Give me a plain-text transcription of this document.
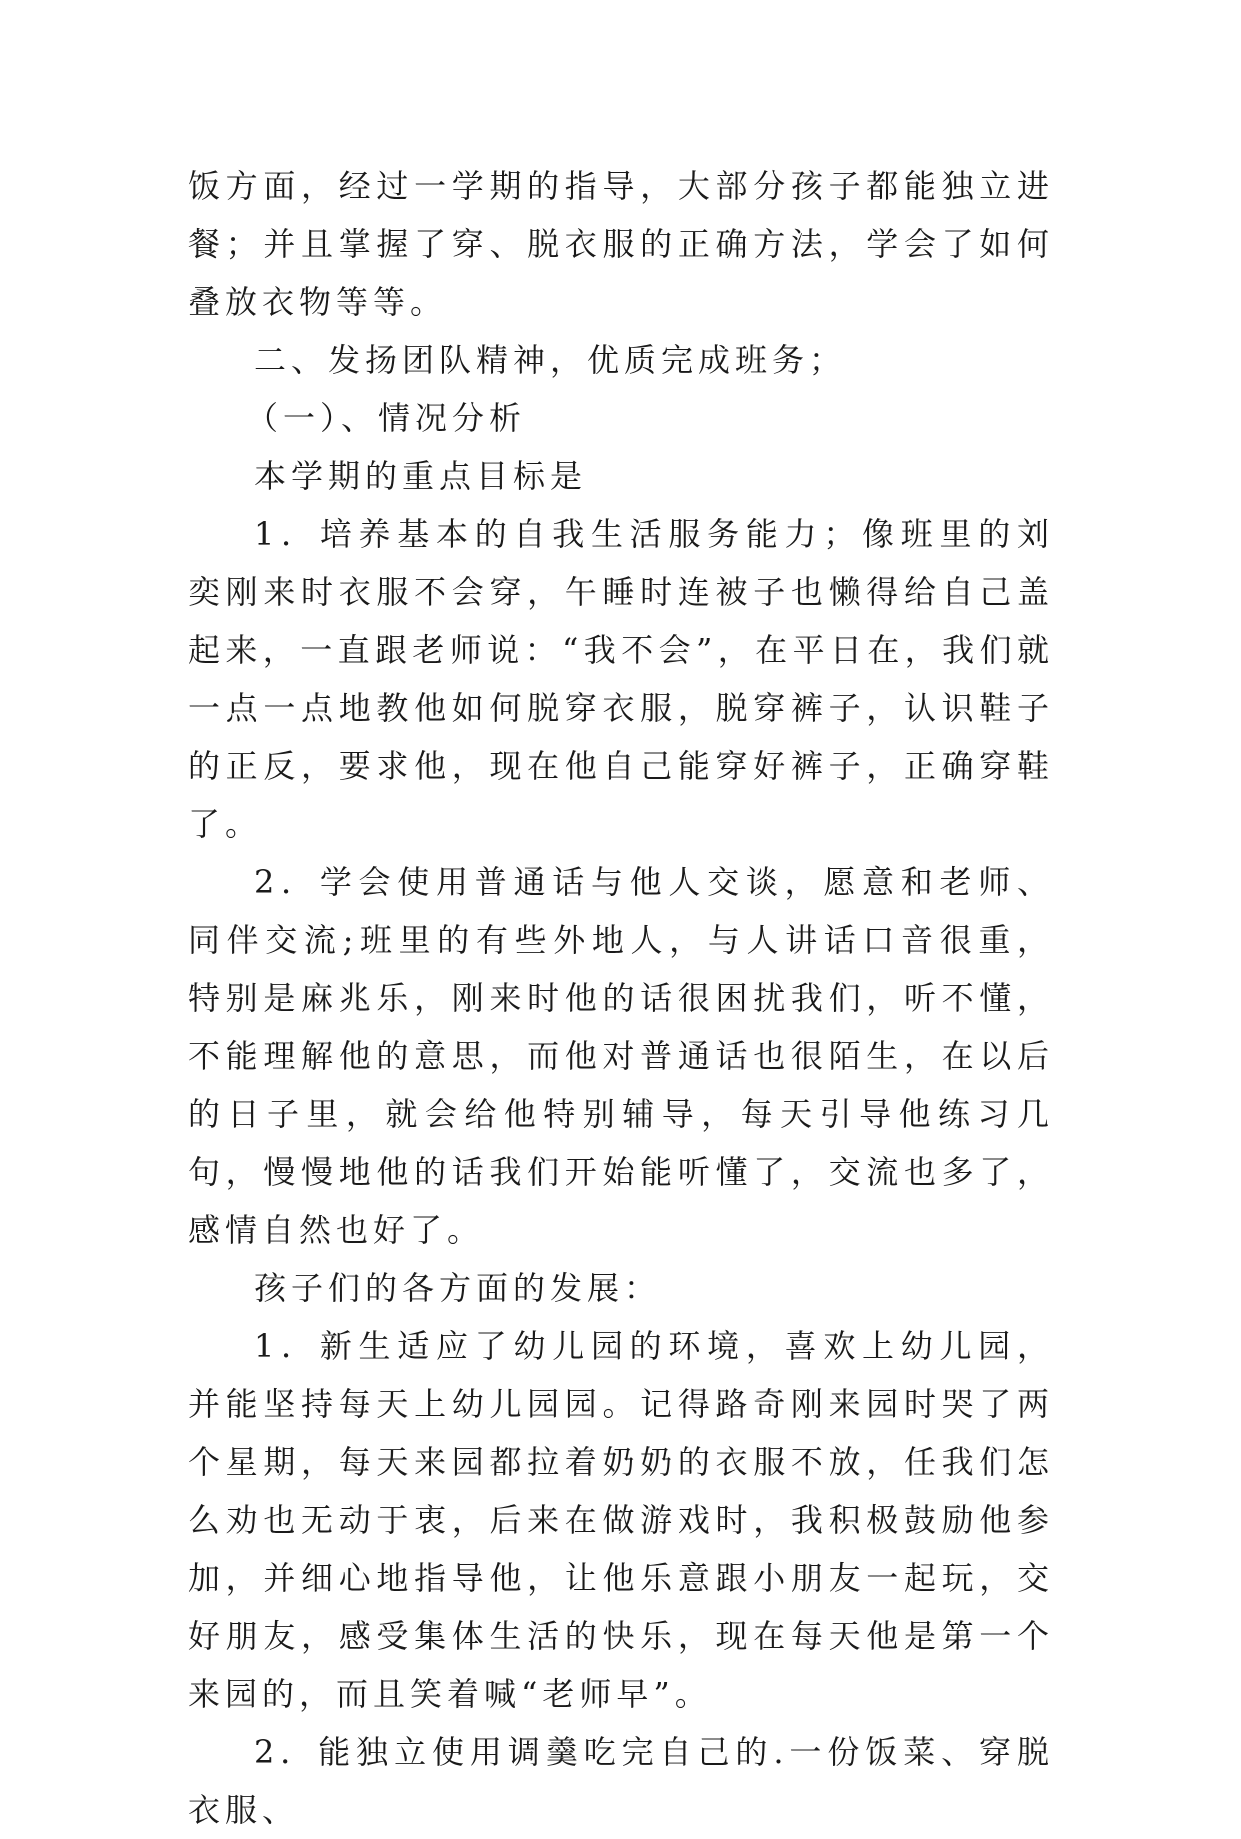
饭方面，经过一学期的指导，大部分孩子都能独立进餐；并且掌握了穿、脱衣服的正确方法，学会了如何叠放衣物等等。

二、发扬团队精神，优质完成班务；

（一）、情况分析

本学期的重点目标是

1．培养基本的自我生活服务能力；像班里的刘奕刚来时衣服不会穿，午睡时连被子也懒得给自己盖起来，一直跟老师说：“我不会”，在平日在，我们就一点一点地教他如何脱穿衣服，脱穿裤子，认识鞋子的正反，要求他，现在他自己能穿好裤子，正确穿鞋了。

2．学会使用普通话与他人交谈，愿意和老师、同伴交流;班里的有些外地人，与人讲话口音很重，特别是麻兆乐，刚来时他的话很困扰我们，听不懂，不能理解他的意思，而他对普通话也很陌生，在以后的日子里，就会给他特别辅导，每天引导他练习几句，慢慢地他的话我们开始能听懂了，交流也多了，感情自然也好了。

孩子们的各方面的发展：

1．新生适应了幼儿园的环境，喜欢上幼儿园，并能坚持每天上幼儿园园。记得路奇刚来园时哭了两个星期，每天来园都拉着奶奶的衣服不放，任我们怎么劝也无动于衷，后来在做游戏时，我积极鼓励他参加，并细心地指导他，让他乐意跟小朋友一起玩，交好朋友，感受集体生活的快乐，现在每天他是第一个来园的，而且笑着喊“老师早”。

2．能独立使用调羹吃完自己的.一份饭菜、穿脱衣服、
